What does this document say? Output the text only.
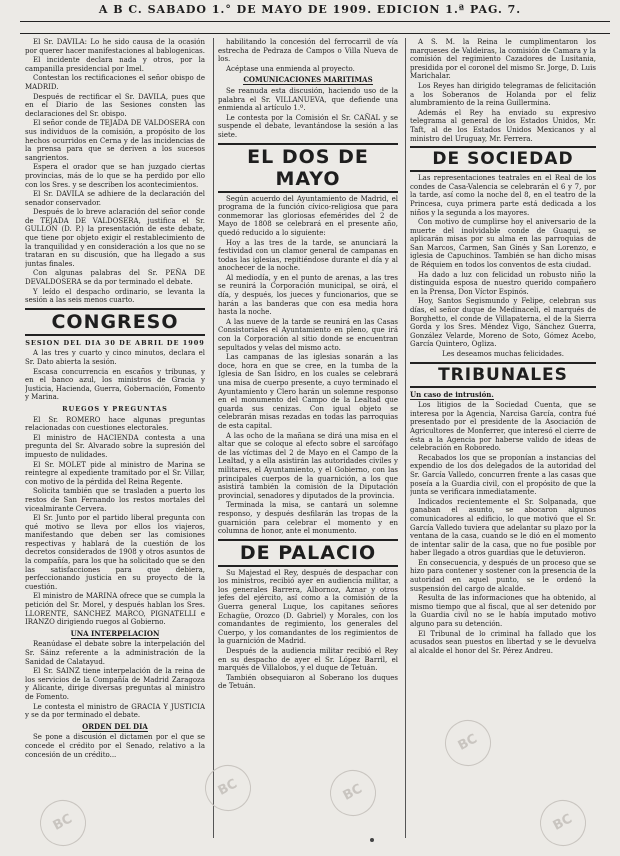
A B C. SABADO 1.° DE MAYO DE 1909. EDICION 1.ª PAG. 7.

El Sr. DAVILA: Lo he sido causa de la ocasión por querer hacer manifestaciones al bablogenicas.

El incidente declara nada y otros, por la campanilla presidencial por Imel.

Contestan los rectificaciones el señor obispo de MADRID.

Después de rectificar el Sr. DAVILA, pues que en el Diario de las Sesiones consten las declaraciones del Sr. obispo.

El señor conde de TEJADA DE VALDOSERA con sus individuos de la comisión, a propósito de los hechos ocurridos en Cerna y de las incidencias de la prensa para que se deriven a los sucesos sangrientos.

Espera el orador que se han juzgado ciertas provincias, más de lo que se ha perdido por ello con los Sres. y se describen los acontecimientos.

El Sr. DAVILA se adhiere de la declaración del senador conservador.

Después de lo breve aclaración del señor conde de TEJADA DE VALDOSERA, justifica el Sr. GULLON (D. P.) la presentación de este debate, que tiene por objeto exigir el restablecimiento de la tranquilidad y en consideración a los que no se trataran en su discusión, que ha llegado a sus juntas finales.

Con algunas palabras del Sr. PEÑA DE DEVALDOSERA se da por terminado el debate.

Y leído el despacho ordinario, se levanta la sesión a las seis menos cuarto.

CONGRESO
SESION DEL DIA 30 DE ABRIL DE 1909

A las tres y cuarto y cinco minutos, declara el Sr. Dato abierta la sesión.

Escasa concurrencia en escaños y tribunas, y en el banco azul, los ministros de Gracia y Justicia, Hacienda, Guerra, Gobernación, Fomento y Marina.

RUEGOS Y PREGUNTAS

El Sr. ROMERO hace algunas preguntas relacionadas con cuestiones electorales.

El ministro de HACIENDA contesta a una pregunta del Sr. Alvarado sobre la supresión del impuesto de nulidades.

El Sr. MOLET pide al ministro de Marina se reintegre al expediente tramitado por el Sr. Villar, con motivo de la pérdida del Reina Regente.

Solicita también que se trasladen a puerto los restos de San Fernando los restos mortales del vicealmirante Cervera.

El Sr. Junto por el partido liberal pregunta con qué motivo se lleva por ellos los viajeros, manifestando que deben ser las comisiones respectivas y hablará de la cuestión de los decretos considerados de 1908 y otros asuntos de la compañía, para los que ha solicitado que se den las satisfacciones para que debiera, perfeccionando justicia en su proyecto de la cuestión.

El ministro de MARINA ofrece que se cumpla la petición del Sr. Morel, y después hablan los Sres. LLORENTE, SANCHEZ MARCO, PIGNATELLI e IRANZO dirigiendo ruegos al Gobierno.

UNA INTERPELACION

Reanúdase el debate sobre la interpelación del Sr. Sáinz referente a la administración de la Sanidad de Calatayud.

El Sr. SAINZ tiene interpelación de la reina de los servicios de la Compañía de Madrid Zaragoza y Alicante, dirige diversas preguntas al ministro de Fomento.

Le contesta el ministro de GRACIA Y JUSTICIA y se da por terminado el debate.

ORDEN DEL DIA

Se pone a discusión el dictamen por el que se concede el crédito por el Senado, relativo a la concesión de un crédito...

habilitando la concesión del ferrocarril de vía estrecha de Pedraza de Campos o Villa Nueva de los.

Acéptase una enmienda al proyecto.

COMUNICACIONES MARITIMAS

Se reanuda esta discusión, haciendo uso de la palabra el Sr. VILLANUEVA, que defiende una enmienda al artículo 1.º.

Le contesta por la Comisión el Sr. CAÑAL y se suspende el debate, levantándose la sesión a las siete.

EL DOS DE MAYO

Según acuerdo del Ayuntamiento de Madrid, el programa de la función cívico-religiosa que para conmemorar las gloriosas efemérides del 2 de Mayo de 1808 se celebrará en el presente año, quedó reducido a lo siguiente:

Hoy a las tres de la tarde, se anunciará la festividad con un clamor general de campanas en todas las iglesias, repitiéndose durante el día y al anochecer de la noche.

Al mediodía, y en el punto de arenas, a las tres se reunirá la Corporación municipal, se oirá, el día, y después, los jueces y funcionarios, que se harán a las banderas que con esa media hora hasta la noche.

A las nueve de la tarde se reunirá en las Casas Consistoriales el Ayuntamiento en pleno, que irá con la Corporación al sitio donde se encuentran sepultados y velas del mismo acto.

Las campanas de las iglesias sonarán a las doce, hora en que se cree, en la tumba de la Iglesia de San Isidro, en los cuales se celebrará una misa de cuerpo presente, a cuyo terminado el Ayuntamiento y Clero harán un solemne responso en el monumento del Campo de la Lealtad que guarda sus cenizas. Con igual objeto se celebrarán misas rezadas en todas las parroquias de esta capital.

A las ocho de la mañana se dirá una misa en el altar que se coloque al efecto sobre el sarcófago de las víctimas del 2 de Mayo en el Campo de la Lealtad, y a ella asistirán las autoridades civiles y militares, el Ayuntamiento, y el Gobierno, con las principales cuerpos de la guarnición, a los que asistirá también la comisión de la Diputación provincial, senadores y diputados de la provincia.

Terminada la misa, se cantará un solemne responso, y después desfilarán las tropas de la guarnición para celebrar el momento y en columna de honor, ante el monumento.

DE PALACIO

Su Majestad el Rey, después de despachar con los ministros, recibió ayer en audiencia militar, a los generales Barrera, Albornoz, Aznar y otros jefes del ejército, así como a la comisión de la Guerra general Luque, los capitanes señores Echagüe, Orozco (D. Gabriel) y Morales, con los comandantes de regimiento, los generales del Cuerpo, y los comandantes de los regimientos de la guarnición de Madrid.

Después de la audiencia militar recibió el Rey en su despacho de ayer el Sr. López Barril, el marqués de Villalobos, y el duque de Tetuán.

También obsequiaron al Soberano los duques de Tetuán.

A S. M. la Reina le cumplimentaron los marqueses de Valdeiras, la comisión de Camara y la comisión del regimiento Cazadores de Lusitania, presidida por el coronel del mismo Sr. Jorge, D. Luis Marichalar.

Los Reyes han dirigido telegramas de felicitación a los Soberanos de Holanda por el feliz alumbramiento de la reina Guillermina.

Además el Rey ha enviado su expresivo telegrama al general de los Estados Unidos, Mr. Taft, al de los Estados Unidos Mexicanos y al ministro del Uruguay, Mr. Ferrera.

DE SOCIEDAD

Las representaciones teatrales en el Real de los condes de Casa-Valencia se celebrarán el 6 y 7, por la tarde, así como la noche del 8, en el teatro de la Princesa, cuya primera parte está dedicada a los niños y la segunda a los mayores.

Con motivo de cumplirse hoy el aniversario de la muerte del inolvidable conde de Guaqui, se aplicarán misas por su alma en las parroquias de San Marcos, Carmen, San Ginés y San Lorenzo, e iglesia de Capuchinos. También se han dicho misas de Réquiem en todos los conventos de esta ciudad.

Ha dado a luz con felicidad un robusto niño la distinguida esposa de nuestro querido compañero en la Prensa, Don Víctor Espinós.

Hoy, Santos Segismundo y Felipe, celebran sus días, el señor duque de Medinaceli, el marqués de Borghetto, el conde de Villapaterna, el de la Sierra Gorda y los Sres. Méndez Vigo, Sánchez Guerra, González Velarde, Moreno de Soto, Gómez Acebo, García Quintero, Ogliza.

Les deseamos muchas felicidades.

TRIBUNALES
Un caso de intrusión.

Los litigios de la Sociedad Cuenta, que se interesa por la Agencia, Narcisa García, contra fué presentado por el presidente de la Asociación de Agricultores de Monferrer, que interesó el cierre de ésta a la Agencia por haberse valido de ideas de celebración en Roboredo.

Recabados los que se proponían a instancias del expendio de los dos delegados de la autoridad del Sr. García Valledo, concurren frente a las casas que poseía a la Guardia civil, con el propósito de que la junta se verificara inmediatamente.

Indicados recientemente el Sr. Solpanada, que ganaban el asunto, se abocaron algunos comunicadores al edificio, lo que motivó que el Sr. García Valledo tuviera que adelantar su plazo por la ventana de la casa, cuando se le dió en el momento de intentar salir de la casa, que no fue posible por haber llegado a otros guardias que le detuvieron.

En consecuencia, y después de un proceso que se hizo para contener y sostener con la presencia de la autoridad en aquel punto, se le ordenó la suspensión del cargo de alcalde.

Resulta de las informaciones que ha obtenido, al mismo tiempo que al fiscal, que al ser detenido por la Guardia civil no se le había imputado motivo alguno para su detención.

El Tribunal de lo criminal ha fallado que los acusados sean puestos en libertad y se le devuelva al alcalde el honor del Sr. Pérez Andreu.

BC
BC	BC
BC
BC
